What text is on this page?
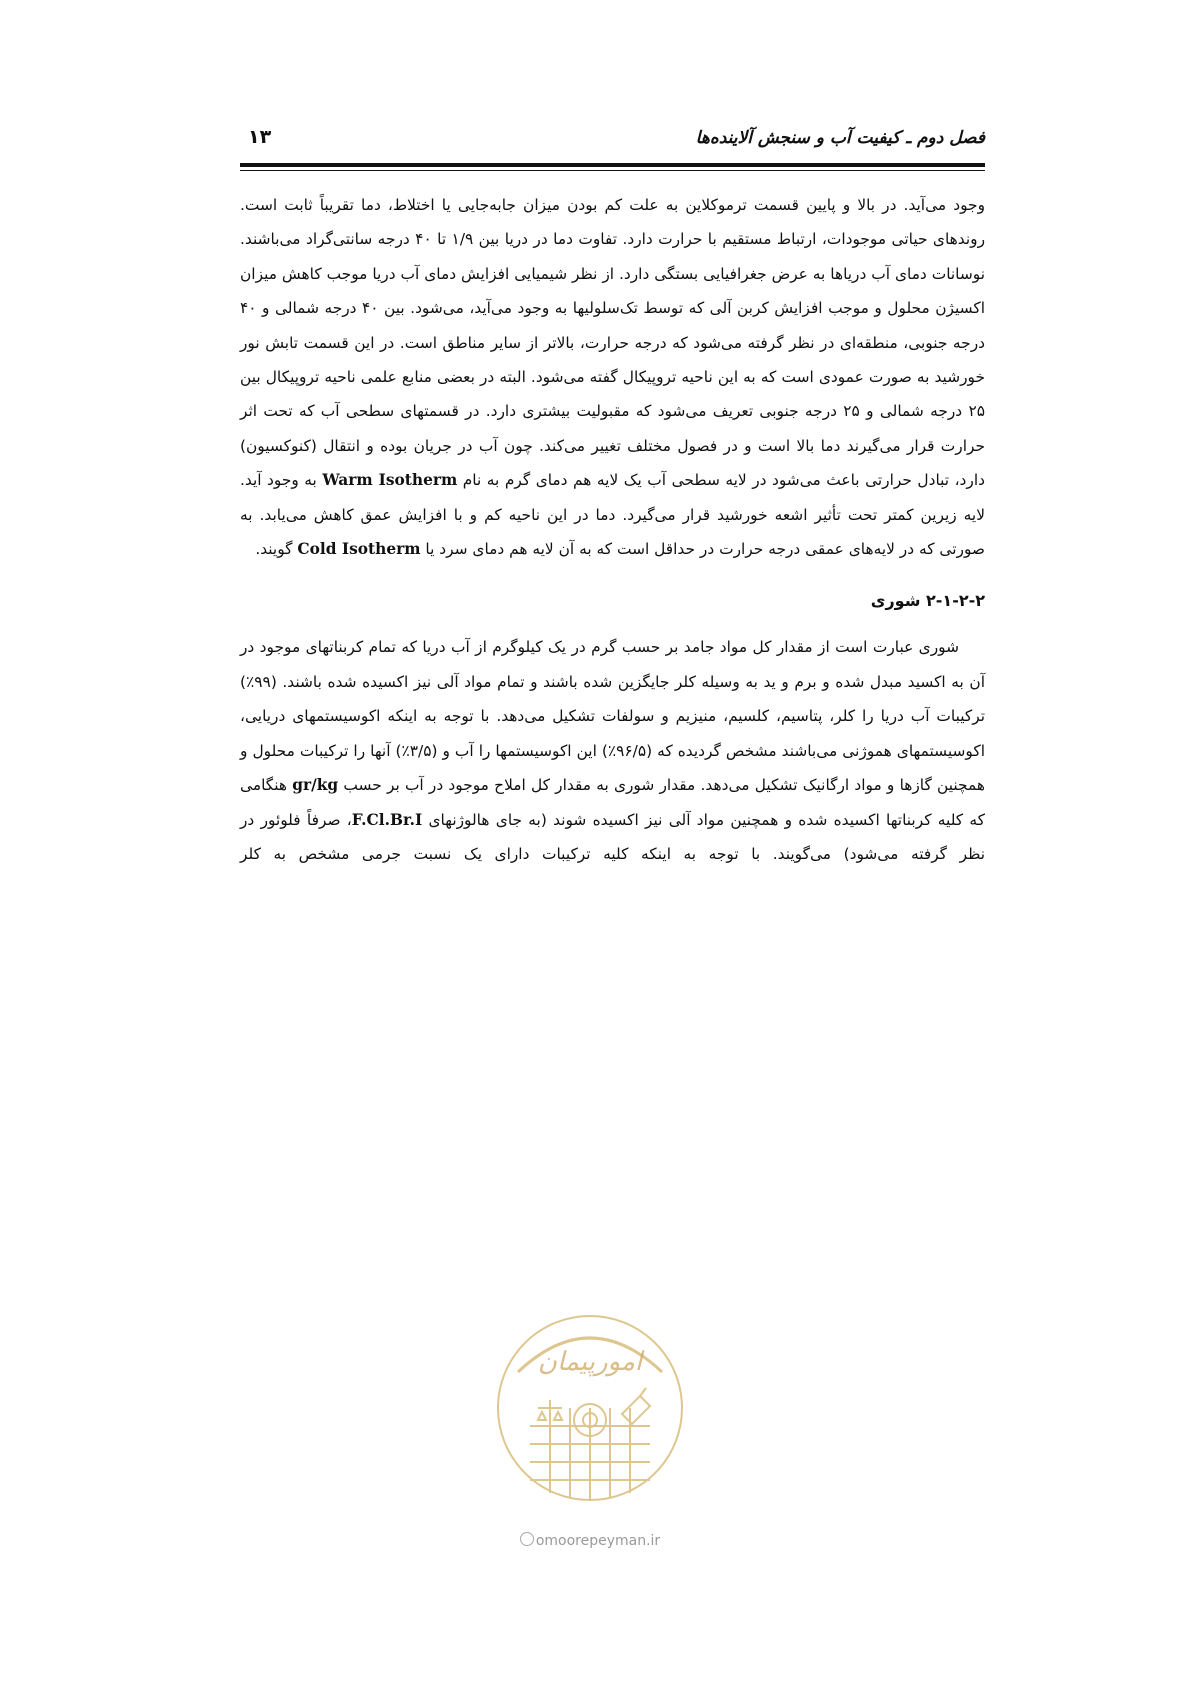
فصل دوم ـ کیفیت آب و سنجش آلاینده‌ها
۱۳

وجود می‌آید. در بالا و پایین قسمت ترموکلاین به علت کم بودن میزان جابه‌جایی یا اختلاط، دما تقریباً ثابت است. روندهای حیاتی موجودات، ارتباط مستقیم با حرارت دارد. تفاوت دما در دریا بین ۱/۹ تا ۴۰ درجه سانتی‌گراد می‌باشند. نوسانات دمای آب دریاها به عرض جغرافیایی بستگی دارد. از نظر شیمیایی افزایش دمای آب دریا موجب کاهش میزان اکسیژن محلول و موجب افزایش کربن آلی که توسط تک‌سلولیها به وجود می‌آید، می‌شود. بین ۴۰ درجه شمالی و ۴۰ درجه جنوبی، منطقه‌ای در نظر گرفته می‌شود که درجه حرارت، بالاتر از سایر مناطق است. در این قسمت تابش نور خورشید به صورت عمودی است که به این ناحیه تروپیکال گفته می‌شود. البته در بعضی منابع علمی ناحیه تروپیکال بین ۲۵ درجه شمالی و ۲۵ درجه جنوبی تعریف می‌شود که مقبولیت بیشتری دارد. در قسمتهای سطحی آب که تحت اثر حرارت قرار می‌گیرند دما بالا است و در فصول مختلف تغییر می‌کند. چون آب در جریان بوده و انتقال (کنوکسیون) دارد، تبادل حرارتی باعث می‌شود در لایه سطحی آب یک لایه هم دمای گرم به نام Warm Isotherm به وجود آید. لایه زیرین کمتر تحت تأثیر اشعه خورشید قرار می‌گیرد. دما در این ناحیه کم و با افزایش عمق کاهش می‌یابد. به صورتی که در لایه‌های عمقی درجه حرارت در حداقل است که به آن لایه هم دمای سرد یا Cold Isotherm گویند.

۲-۱-۲-۲ شوری

شوری عبارت است از مقدار کل مواد جامد بر حسب گرم در یک کیلوگرم از آب دریا که تمام کربناتهای موجود در آن به اکسید مبدل شده و برم و ید به وسیله کلر جایگزین شده باشند و تمام مواد آلی نیز اکسیده شده باشند. (۹۹٪) ترکیبات آب دریا را کلر، پتاسیم، کلسیم، منیزیم و سولفات تشکیل می‌دهد. با توجه به اینکه اکوسیستمهای دریایی، اکوسیستمهای هموژنی می‌باشند مشخص گردیده که (۹۶/۵٪) این اکوسیستمها را آب و (۳/۵٪) آنها را ترکیبات محلول و همچنین گازها و مواد ارگانیک تشکیل می‌دهد. مقدار شوری به مقدار کل املاح موجود در آب بر حسب gr/kg هنگامی که کلیه کربناتها اکسیده شده و همچنین مواد آلی نیز اکسیده شوند (به جای هالوژنهای F.Cl.Br.I، صرفاً فلوئور در نظر گرفته می‌شود) می‌گویند. با توجه به اینکه کلیه ترکیبات دارای یک نسبت جرمی مشخص به کلر

امورپیمان
omoorepeyman.ir
